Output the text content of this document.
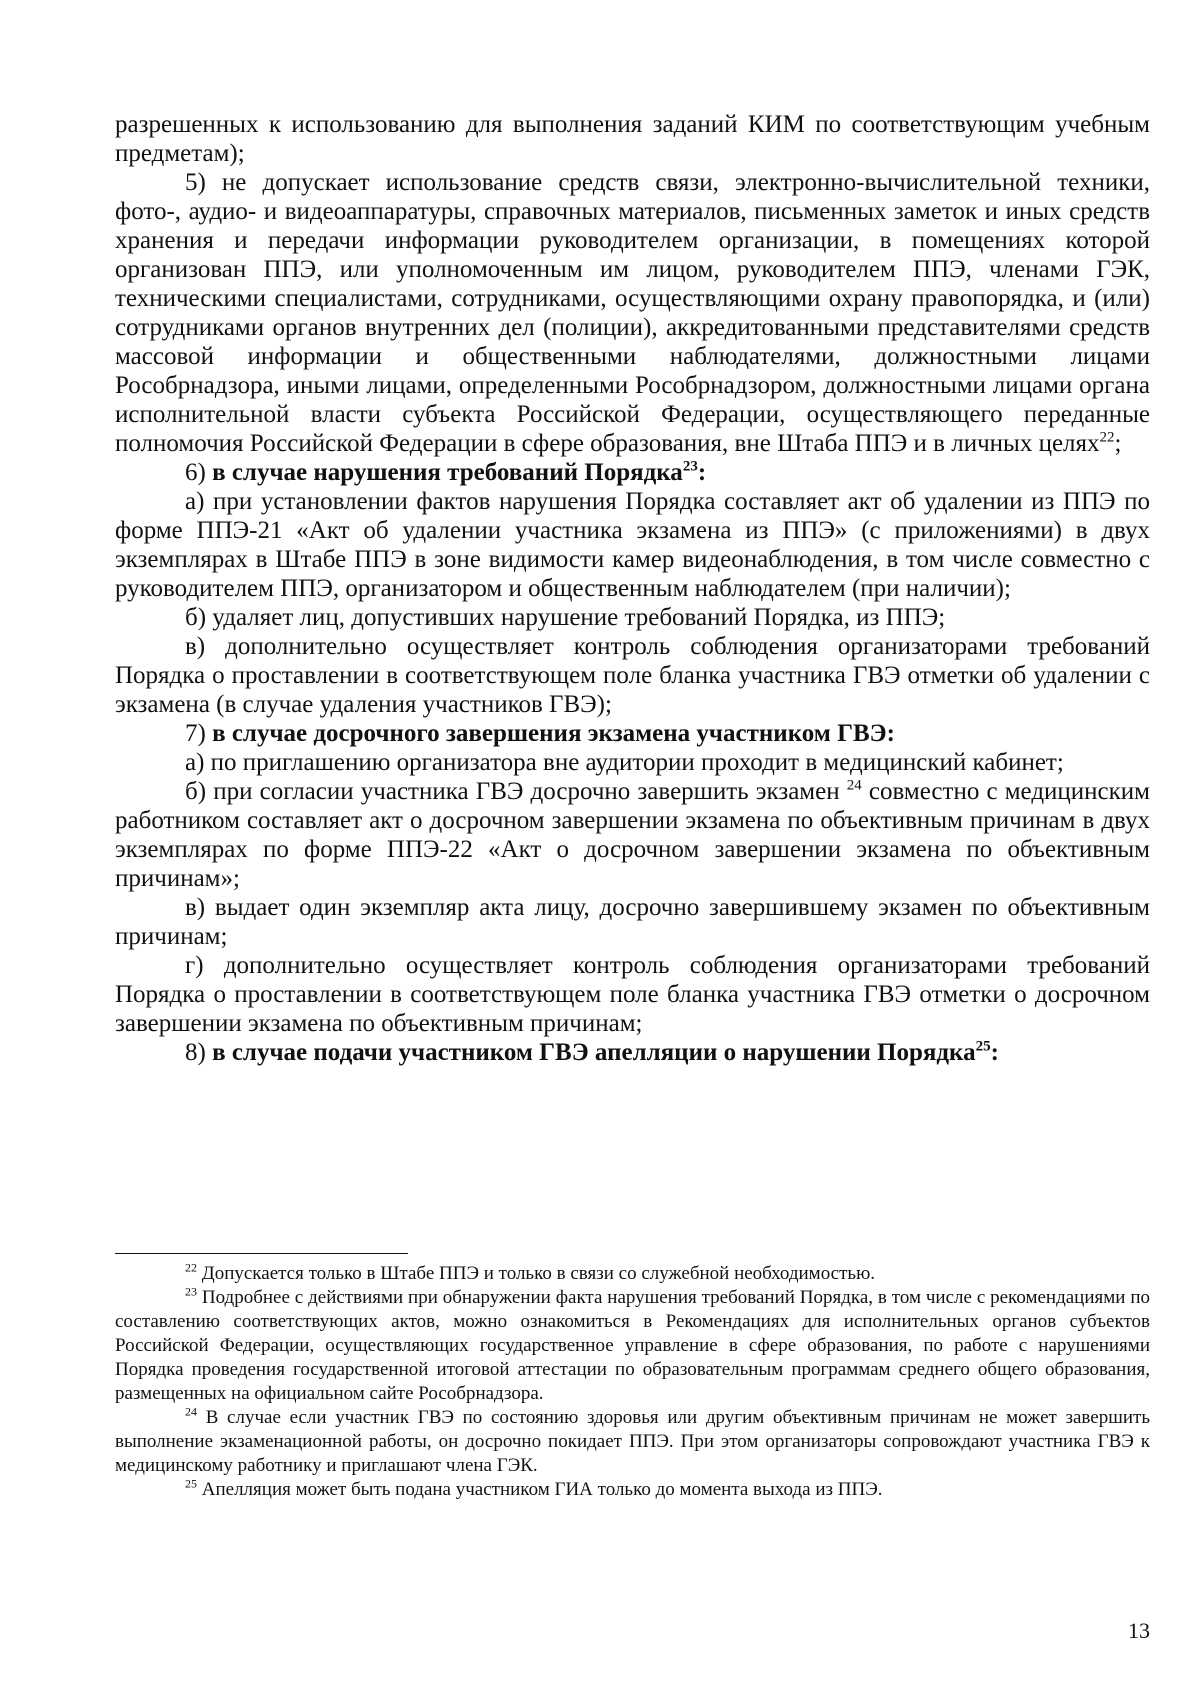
разрешенных к использованию для выполнения заданий КИМ по соответствующим учебным предметам);

5) не допускает использование средств связи, электронно-вычислительной техники, фото-, аудио- и видеоаппаратуры, справочных материалов, письменных заметок и иных средств хранения и передачи информации руководителем организации, в помещениях которой организован ППЭ, или уполномоченным им лицом, руководителем ППЭ, членами ГЭК, техническими специалистами, сотрудниками, осуществляющими охрану правопорядка, и (или) сотрудниками органов внутренних дел (полиции), аккредитованными представителями средств массовой информации и общественными наблюдателями, должностными лицами Рособрнадзора, иными лицами, определенными Рособрнадзором, должностными лицами органа исполнительной власти субъекта Российской Федерации, осуществляющего переданные полномочия Российской Федерации в сфере образования, вне Штаба ППЭ и в личных целях$^{22}$;

6) в случае нарушения требований Порядка$^{23}$:

а) при установлении фактов нарушения Порядка составляет акт об удалении из ППЭ по форме ППЭ-21 «Акт об удалении участника экзамена из ППЭ» (с приложениями) в двух экземплярах в Штабе ППЭ в зоне видимости камер видеонаблюдения, в том числе совместно с руководителем ППЭ, организатором и общественным наблюдателем (при наличии);

б) удаляет лиц, допустивших нарушение требований Порядка, из ППЭ;

в) дополнительно осуществляет контроль соблюдения организаторами требований Порядка о проставлении в соответствующем поле бланка участника ГВЭ отметки об удалении с экзамена (в случае удаления участников ГВЭ);

7) в случае досрочного завершения экзамена участником ГВЭ:

а) по приглашению организатора вне аудитории проходит в медицинский кабинет;

б) при согласии участника ГВЭ досрочно завершить экзамен $^{24}$ совместно с медицинским работником составляет акт о досрочном завершении экзамена по объективным причинам в двух экземплярах по форме ППЭ-22 «Акт о досрочном завершении экзамена по объективным причинам»;

в) выдает один экземпляр акта лицу, досрочно завершившему экзамен по объективным причинам;

г) дополнительно осуществляет контроль соблюдения организаторами требований Порядка о проставлении в соответствующем поле бланка участника ГВЭ отметки о досрочном завершении экзамена по объективным причинам;

8) в случае подачи участником ГВЭ апелляции о нарушении Порядка$^{25}$:

$^{22}$ Допускается только в Штабе ППЭ и только в связи со служебной необходимостью.

$^{23}$ Подробнее с действиями при обнаружении факта нарушения требований Порядка, в том числе с рекомендациями по составлению соответствующих актов, можно ознакомиться в Рекомендациях для исполнительных органов субъектов Российской Федерации, осуществляющих государственное управление в сфере образования, по работе с нарушениями Порядка проведения государственной итоговой аттестации по образовательным программам среднего общего образования, размещенных на официальном сайте Рособрнадзора.

$^{24}$ В случае если участник ГВЭ по состоянию здоровья или другим объективным причинам не может завершить выполнение экзаменационной работы, он досрочно покидает ППЭ. При этом организаторы сопровождают участника ГВЭ к медицинскому работнику и приглашают члена ГЭК.

$^{25}$ Апелляция может быть подана участником ГИА только до момента выхода из ППЭ.

13
